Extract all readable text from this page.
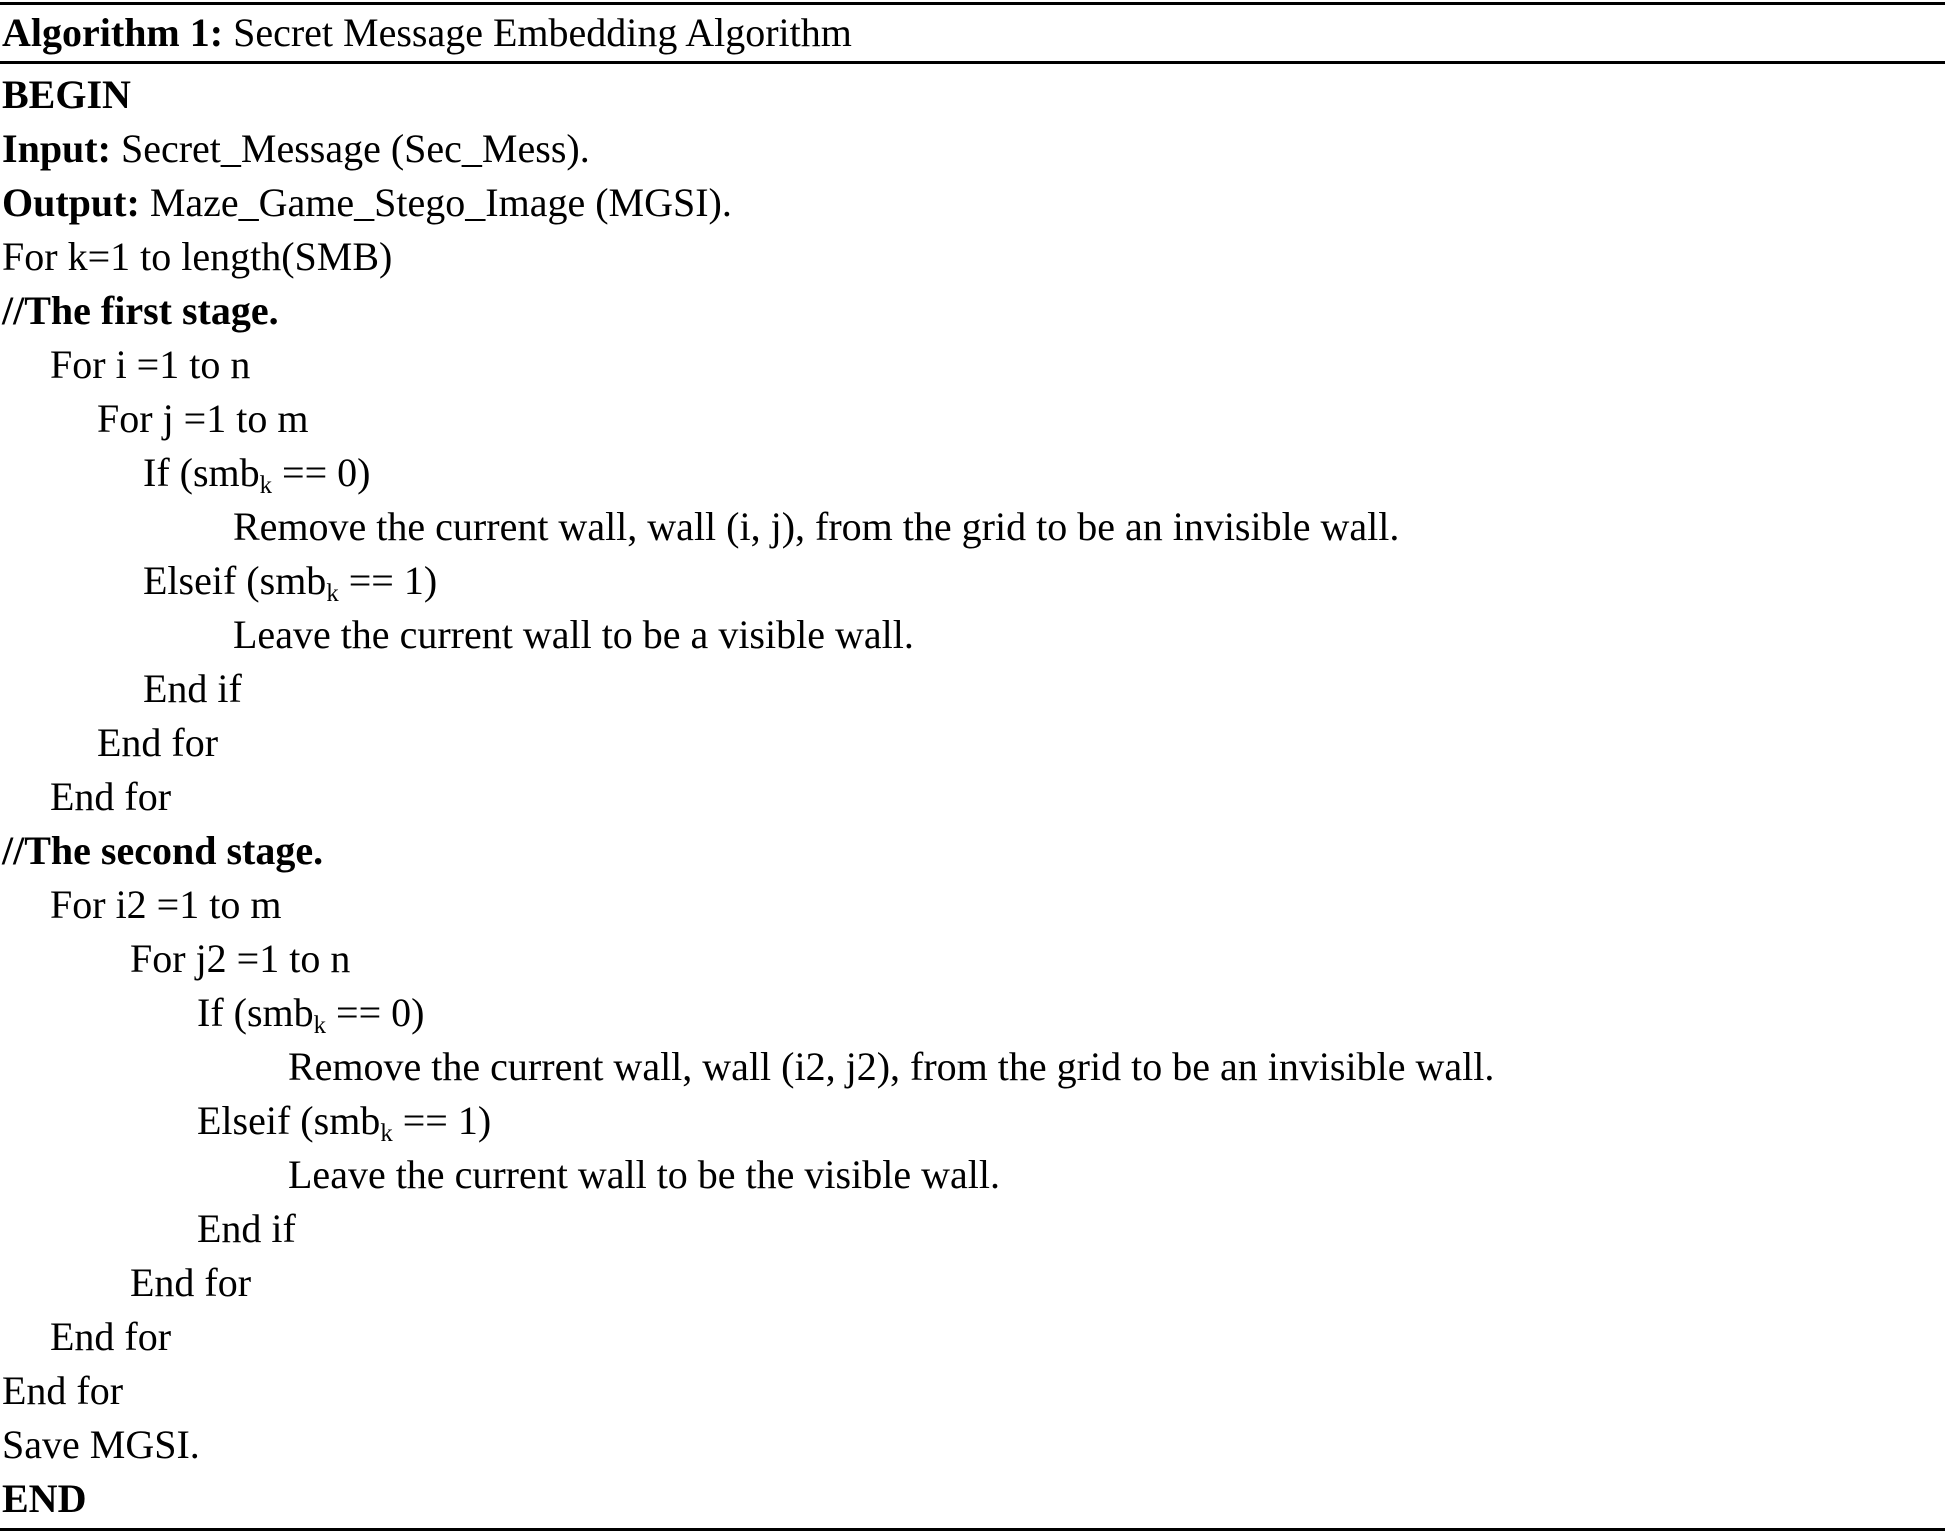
Algorithm 1: Secret Message Embedding Algorithm
BEGIN
Input: Secret_Message (Sec_Mess).
Output: Maze_Game_Stego_Image (MGSI).
For k=1 to length(SMB)
//The first stage.
For i =1 to n
For j =1 to m
If (smb$_k$ == 0)
Remove the current wall, wall (i, j), from the grid to be an invisible wall.
Elseif (smb$_k$ == 1)
Leave the current wall to be a visible wall.
End if
End for
End for
//The second stage.
For i2 =1 to m
For j2 =1 to n
If (smb$_k$ == 0)
Remove the current wall, wall (i2, j2), from the grid to be an invisible wall.
Elseif (smb$_k$ == 1)
Leave the current wall to be the visible wall.
End if
End for
End for
End for
Save MGSI.
END
